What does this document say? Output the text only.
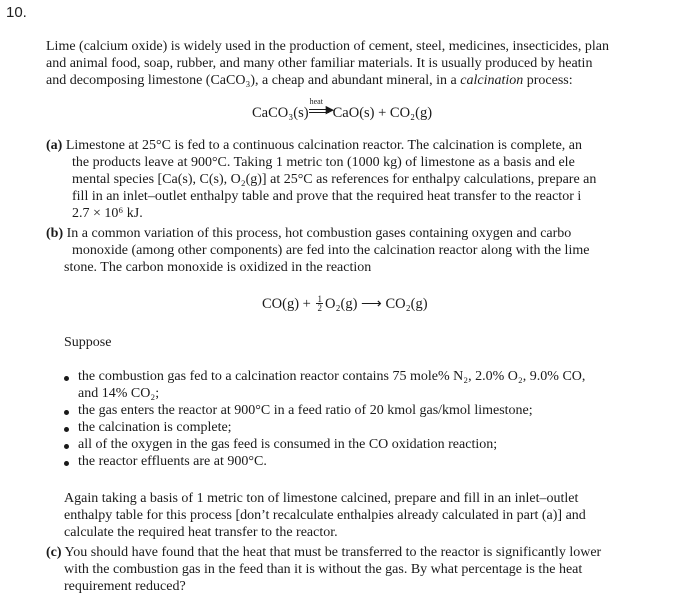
10.
Lime (calcium oxide) is widely used in the production of cement, steel, medicines, insecticides, plan
and animal food, soap, rubber, and many other familiar materials. It is usually produced by heatin
and decomposing limestone (CaCO₃), a cheap and abundant mineral, in a calcination process:
CaCO₃(s)
heat
▶
CaO(s) + CO₂(g)
(a) Limestone at 25°C is fed to a continuous calcination reactor. The calcination is complete, an
the products leave at 900°C. Taking 1 metric ton (1000 kg) of limestone as a basis and ele
mental species [Ca(s), C(s), O₂(g)] at 25°C as references for enthalpy calculations, prepare an
fill in an inlet–outlet enthalpy table and prove that the required heat transfer to the reactor i
2.7 × 10⁶ kJ.
(b) In a common variation of this process, hot combustion gases containing oxygen and carbo
monoxide (among other components) are fed into the calcination reactor along with the lime
stone. The carbon monoxide is oxidized in the reaction
$CO(g) + \frac{1}{2} O_2(g)$ ⟶ CO₂(g)
Suppose
the combustion gas fed to a calcination reactor contains 75 mole% N₂, 2.0% O₂, 9.0% CO,
and 14% CO₂;
the gas enters the reactor at 900°C in a feed ratio of 20 kmol gas/kmol limestone;
the calcination is complete;
all of the oxygen in the gas feed is consumed in the CO oxidation reaction;
the reactor effluents are at 900°C.
Again taking a basis of 1 metric ton of limestone calcined, prepare and fill in an inlet–outlet
enthalpy table for this process [don’t recalculate enthalpies already calculated in part (a)] and
calculate the required heat transfer to the reactor.
(c) You should have found that the heat that must be transferred to the reactor is significantly lower
with the combustion gas in the feed than it is without the gas. By what percentage is the heat
requirement reduced?
